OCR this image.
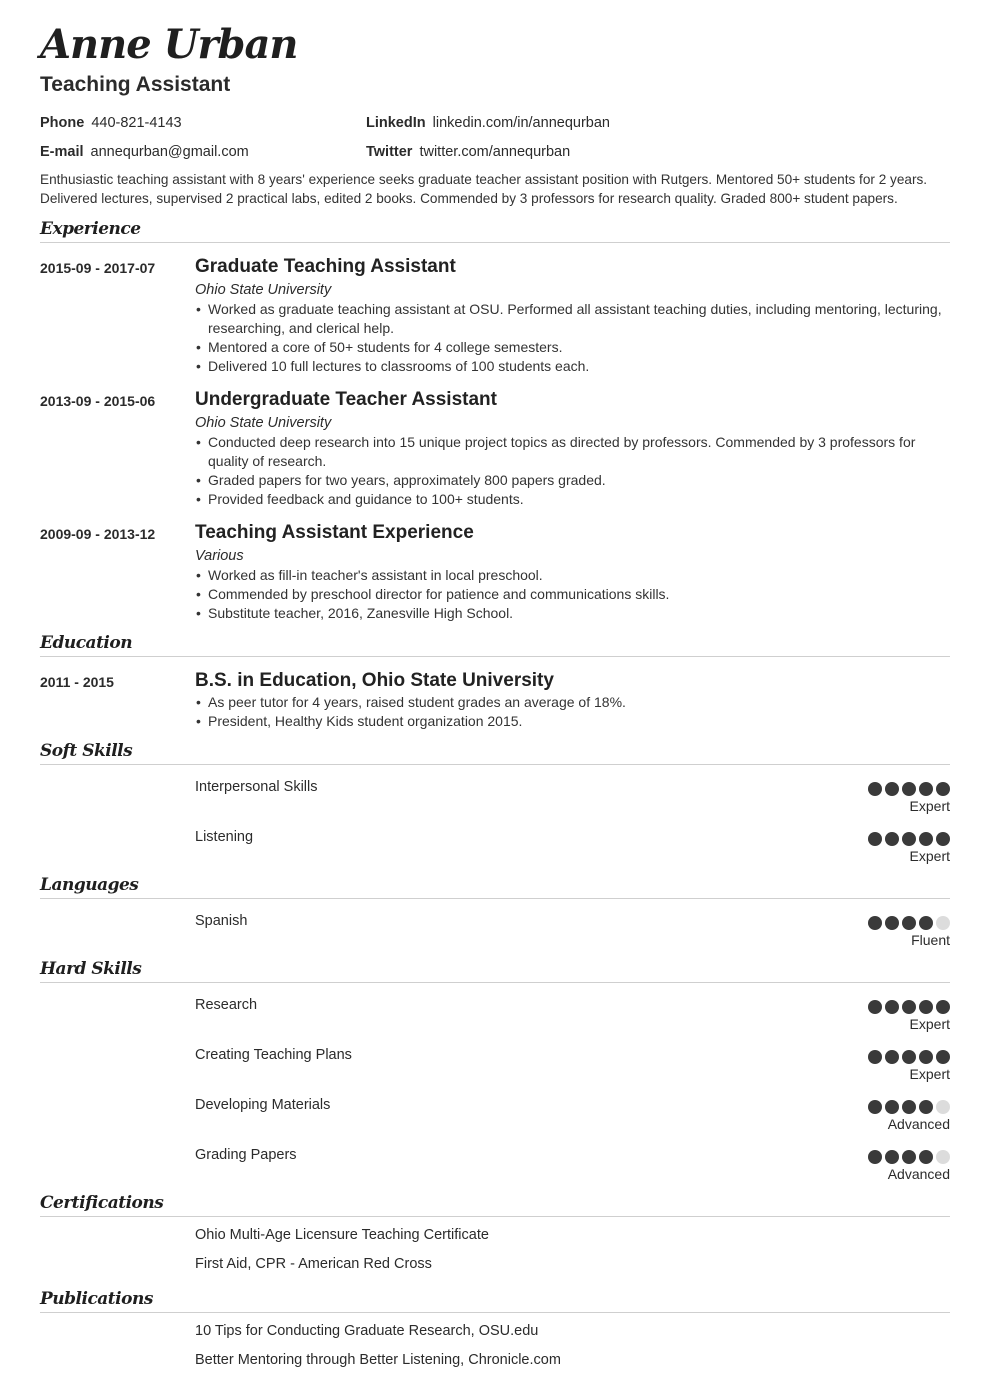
Anne Urban
Teaching Assistant
Phone 440-821-4143	LinkedIn linkedin.com/in/annequrban
E-mail annequrban@gmail.com	Twitter twitter.com/annequrban

Enthusiastic teaching assistant with 8 years' experience seeks graduate teacher assistant position with Rutgers. Mentored 50+ students for 2 years. Delivered lectures, supervised 2 practical labs, edited 2 books. Commended by 3 professors for research quality. Graded 800+ student papers.

Experience
2015-09 - 2017-07	Graduate Teaching Assistant
Ohio State University
• Worked as graduate teaching assistant at OSU. Performed all assistant teaching duties, including mentoring, lecturing, researching, and clerical help.
• Mentored a core of 50+ students for 4 college semesters.
• Delivered 10 full lectures to classrooms of 100 students each.
2013-09 - 2015-06	Undergraduate Teacher Assistant
Ohio State University
• Conducted deep research into 15 unique project topics as directed by professors. Commended by 3 professors for quality of research.
• Graded papers for two years, approximately 800 papers graded.
• Provided feedback and guidance to 100+ students.
2009-09 - 2013-12	Teaching Assistant Experience
Various
• Worked as fill-in teacher's assistant in local preschool.
• Commended by preschool director for patience and communications skills.
• Substitute teacher, 2016, Zanesville High School.
Education
2011 - 2015	B.S. in Education, Ohio State University
• As peer tutor for 4 years, raised student grades an average of 18%.
• President, Healthy Kids student organization 2015.
Soft Skills
Interpersonal Skills
Expert
Listening
Expert
Languages
Spanish
Fluent
Hard Skills
Research
Expert
Creating Teaching Plans
Expert
Developing Materials
Advanced
Grading Papers
Advanced
Certifications
Ohio Multi-Age Licensure Teaching Certificate
First Aid, CPR - American Red Cross
Publications
10 Tips for Conducting Graduate Research, OSU.edu
Better Mentoring through Better Listening, Chronicle.com
